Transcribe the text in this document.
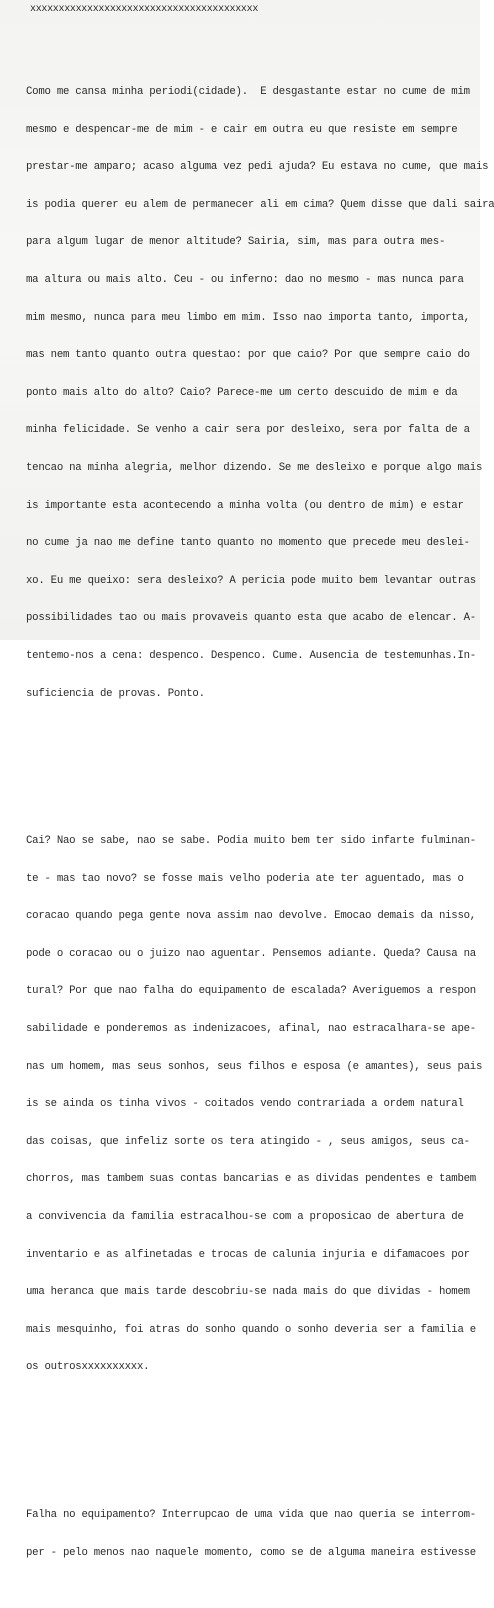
xxxxxxxxxxxxxxxxxxxxxxxxxxxxxxxxxxxxxxxx

Como me cansa minha periodi(cidade).  E desgastante estar no cume de mim

mesmo e despencar-me de mim - e cair em outra eu que resiste em sempre

prestar-me amparo; acaso alguma vez pedi ajuda? Eu estava no cume, que mais

is podia querer eu alem de permanecer ali em cima? Quem disse que dali saira

para algum lugar de menor altitude? Sairia, sim, mas para outra mes-

ma altura ou mais alto. Ceu - ou inferno: dao no mesmo - mas nunca para

mim mesmo, nunca para meu limbo em mim. Isso nao importa tanto, importa,

mas nem tanto quanto outra questao: por que caio? Por que sempre caio do

ponto mais alto do alto? Caio? Parece-me um certo descuido de mim e da

minha felicidade. Se venho a cair sera por desleixo, sera por falta de a

tencao na minha alegria, melhor dizendo. Se me desleixo e porque algo mais

is importante esta acontecendo a minha volta (ou dentro de mim) e estar

no cume ja nao me define tanto quanto no momento que precede meu deslei-

xo. Eu me queixo: sera desleixo? A pericia pode muito bem levantar outras

possibilidades tao ou mais provaveis quanto esta que acabo de elencar. A-

tentemo-nos a cena: despenco. Despenco. Cume. Ausencia de testemunhas.In-

suficiencia de provas. Ponto.

Cai? Nao se sabe, nao se sabe. Podia muito bem ter sido infarte fulminan-

te - mas tao novo? se fosse mais velho poderia ate ter aguentado, mas o

coracao quando pega gente nova assim nao devolve. Emocao demais da nisso,

pode o coracao ou o juizo nao aguentar. Pensemos adiante. Queda? Causa na

tural? Por que nao falha do equipamento de escalada? Averiguemos a respon

sabilidade e ponderemos as indenizacoes, afinal, nao estracalhara-se ape-

nas um homem, mas seus sonhos, seus filhos e esposa (e amantes), seus pais

is se ainda os tinha vivos - coitados vendo contrariada a ordem natural

das coisas, que infeliz sorte os tera atingido - , seus amigos, seus ca-

chorros, mas tambem suas contas bancarias e as dividas pendentes e tambem

a convivencia da familia estracalhou-se com a proposicao de abertura de

inventario e as alfinetadas e trocas de calunia injuria e difamacoes por

uma heranca que mais tarde descobriu-se nada mais do que dividas - homem

mais mesquinho, foi atras do sonho quando o sonho deveria ser a familia e

os outrosxxxxxxxxxx.

Falha no equipamento? Interrupcao de uma vida que nao queria se interrom-

per - pelo menos nao naquele momento, como se de alguma maneira estivesse
